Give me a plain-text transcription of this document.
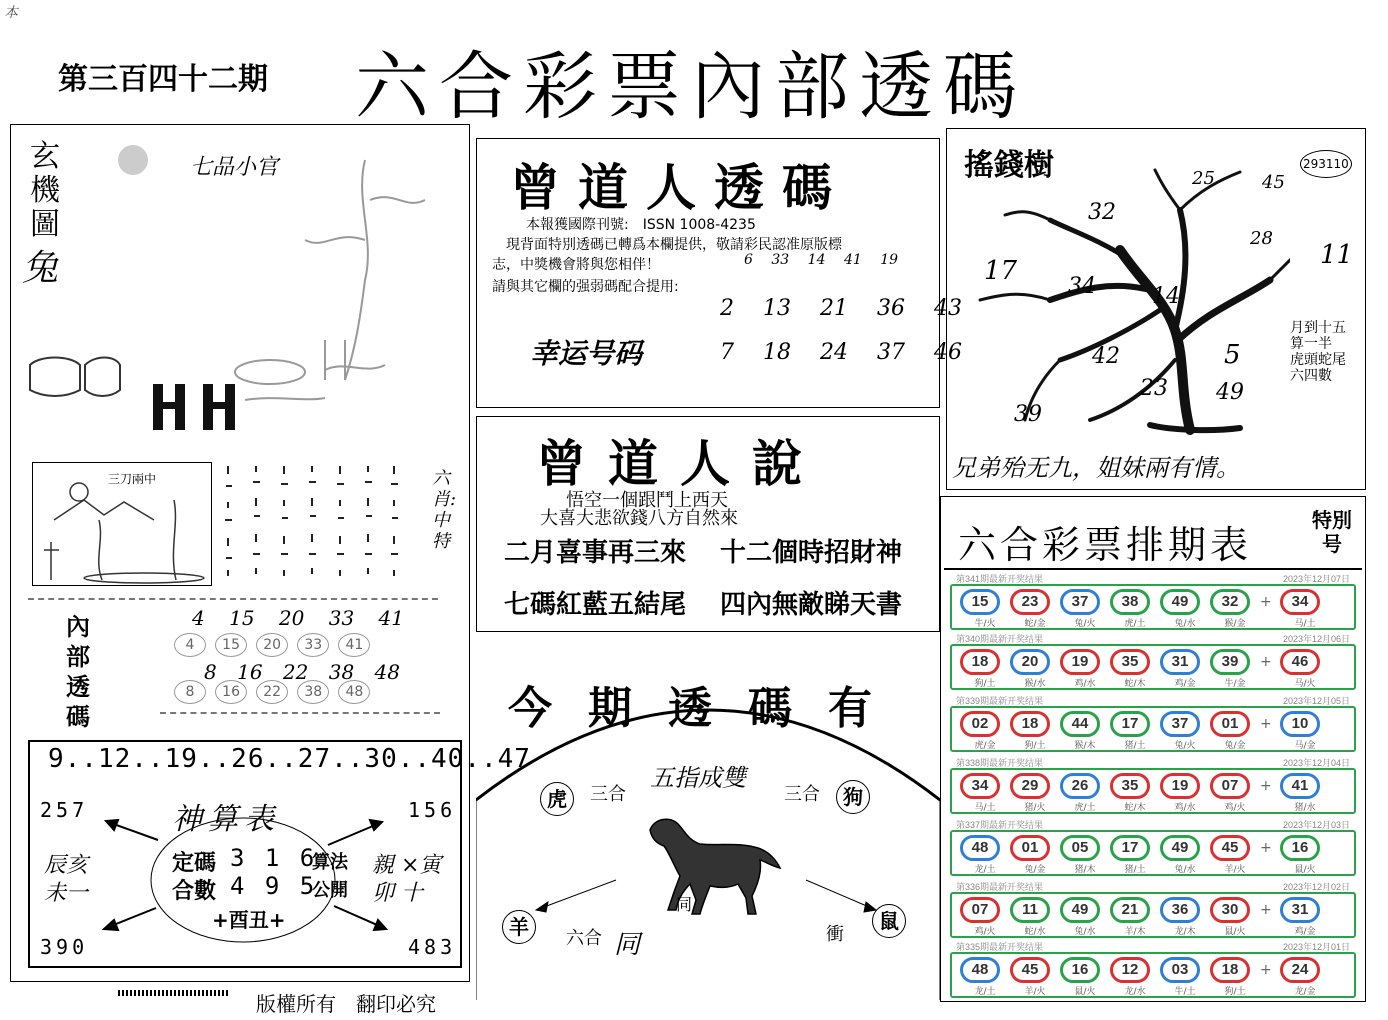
本
第三百四十二期 六合彩票內部透碼
玄機圖
兔
七品小官
三刀兩中	六肖:中特
內部透碼
4 15 20 33 41
4 15 20 33 41
8 16 22 38 48
8 16 22 38 48
9..12..19..26..27..30..40..47
257	156
390	483
神算表
定碼 3 1 6
合數 4 9 5
算法
公開
+酉丑+
辰亥 未一
親 ×寅卯 十
版權所有　翻印必究
曾道人透碼
本報獲國際刊號:　ISSN 1008-4235
　現背面特別透碼已轉爲本欄提供，敬請彩民認准原版標
志，中獎機會將與您相伴！
請與其它欄的强弱碼配合提用:
6 33 14 41 19
2 13 21 36 43
幸运号码	7 18 24 37 46
曾道人說
悟空一個跟鬥上西天
大喜大悲欲錢八方自然來
二月喜事再三來 十二個時招財神
七碼紅藍五結尾 四內無敵睇天書
今期透碼有
五指成雙
虎	三合	三合	狗
羊	六合 同	衝
鼠
同
搖錢樹	293110
25	45
32
28
11
17
34	14
42	5
23 49
39
月到十五算一半 虎頭蛇尾六四數
兄弟殆无九，姐妹兩有情。
六合彩票排期表
特別号
第341期最新开奖结果	2023年12月07日
15 23 37 38 49 32 + 34
牛/火	蛇/金	兔/火	虎/土	兔/水	猴/金	马/土
第340期最新开奖结果	2023年12月06日
18 20 19 35 31 39 + 46
狗/土	猴/水	鸡/水	蛇/木	鸡/金	牛/金	马/火
第339期最新开奖结果	2023年12月05日
02 18 44 17 37 01 + 10
虎/金	狗/土	猴/木	猪/土	兔/火	兔/金	马/金
第338期最新开奖结果	2023年12月04日
34 29 26 35 19 07 + 41
马/土	猪/火	虎/土	蛇/木	鸡/水	鸡/火	猪/水
第337期最新开奖结果	2023年12月03日
48 01 05 17 49 45 + 16
龙/土	兔/金	猪/木	猪/土	兔/水	羊/火	鼠/火
第336期最新开奖结果	2023年12月02日
07 11 49 21 36 30 + 31
鸡/火	蛇/水	兔/水	羊/木	龙/木	鼠/火	鸡/金
第335期最新开奖结果	2023年12月01日
48 45 16 12 03 18 + 24
龙/土	羊/火	鼠/火	龙/水	牛/土	狗/土	龙/金
